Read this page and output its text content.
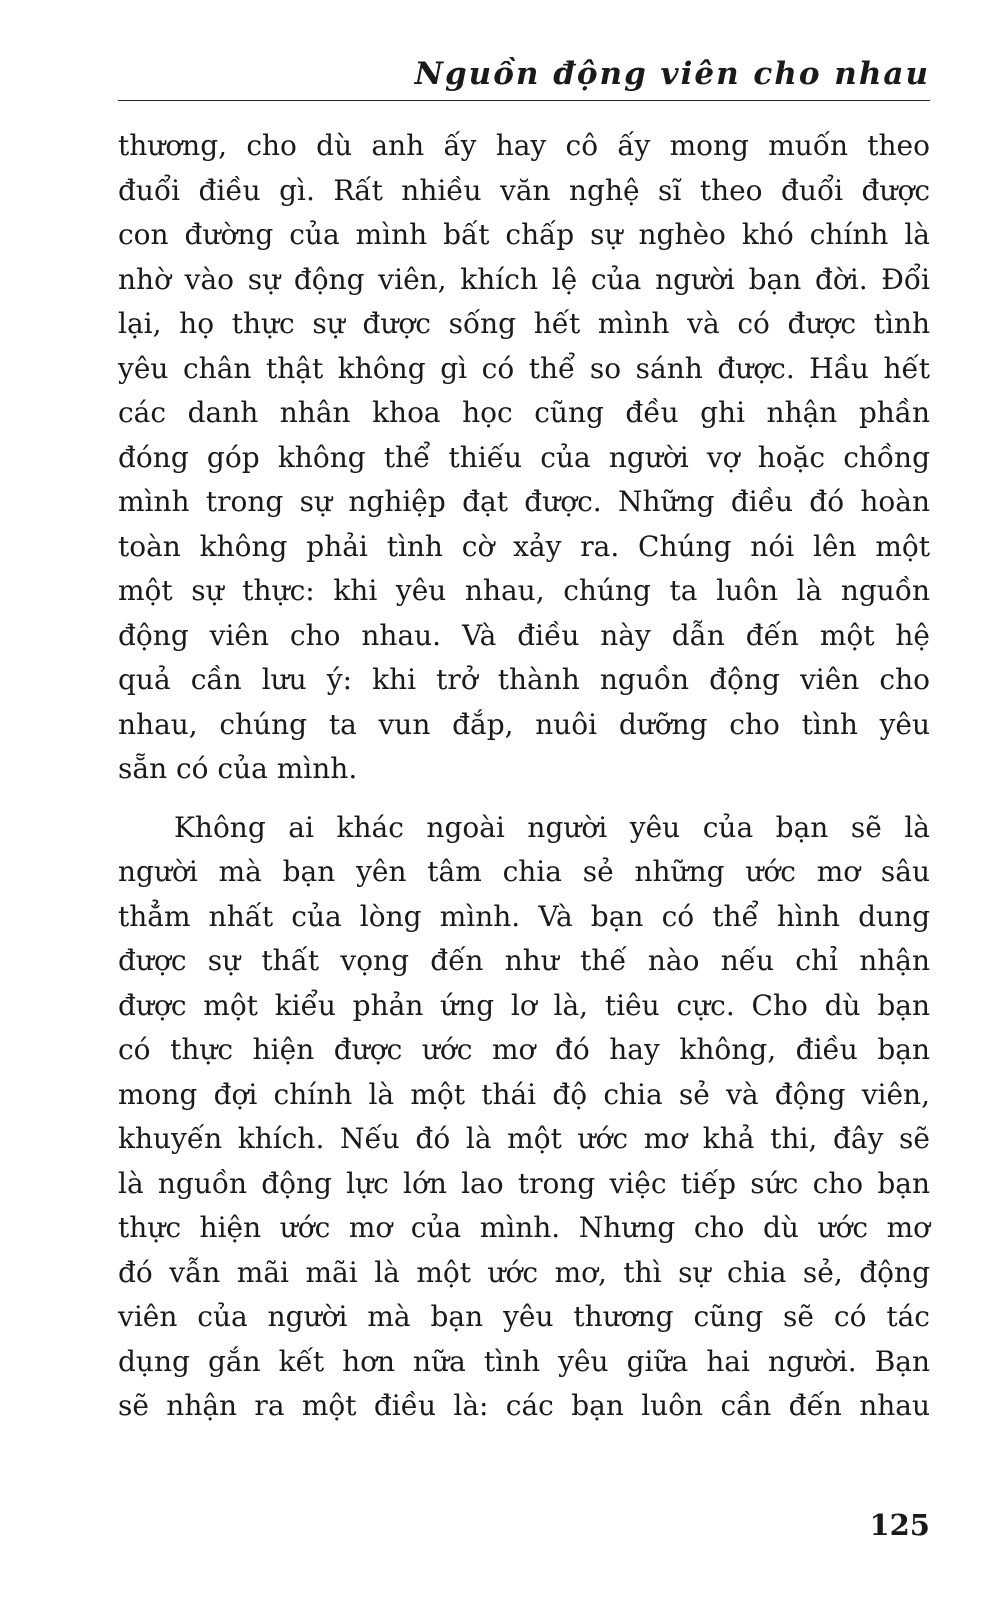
Nguồn động viên cho nhau

thương, cho dù anh ấy hay cô ấy mong muốn theo
đuổi điều gì. Rất nhiều văn nghệ sĩ theo đuổi được
con đường của mình bất chấp sự nghèo khó chính là
nhờ vào sự động viên, khích lệ của người bạn đời. Đổi
lại, họ thực sự được sống hết mình và có được tình
yêu chân thật không gì có thể so sánh được. Hầu hết
các danh nhân khoa học cũng đều ghi nhận phần
đóng góp không thể thiếu của người vợ hoặc chồng
mình trong sự nghiệp đạt được. Những điều đó hoàn
toàn không phải tình cờ xảy ra. Chúng nói lên một
một sự thực: khi yêu nhau, chúng ta luôn là nguồn
động viên cho nhau. Và điều này dẫn đến một hệ
quả cần lưu ý: khi trở thành nguồn động viên cho
nhau, chúng ta vun đắp, nuôi dưỡng cho tình yêu
sẵn có của mình.

Không ai khác ngoài người yêu của bạn sẽ là
người mà bạn yên tâm chia sẻ những ước mơ sâu
thẳm nhất của lòng mình. Và bạn có thể hình dung
được sự thất vọng đến như thế nào nếu chỉ nhận
được một kiểu phản ứng lơ là, tiêu cực. Cho dù bạn
có thực hiện được ước mơ đó hay không, điều bạn
mong đợi chính là một thái độ chia sẻ và động viên,
khuyến khích. Nếu đó là một ước mơ khả thi, đây sẽ
là nguồn động lực lớn lao trong việc tiếp sức cho bạn
thực hiện ước mơ của mình. Nhưng cho dù ước mơ
đó vẫn mãi mãi là một ước mơ, thì sự chia sẻ, động
viên của người mà bạn yêu thương cũng sẽ có tác
dụng gắn kết hơn nữa tình yêu giữa hai người. Bạn
sẽ nhận ra một điều là: các bạn luôn cần đến nhau

125
